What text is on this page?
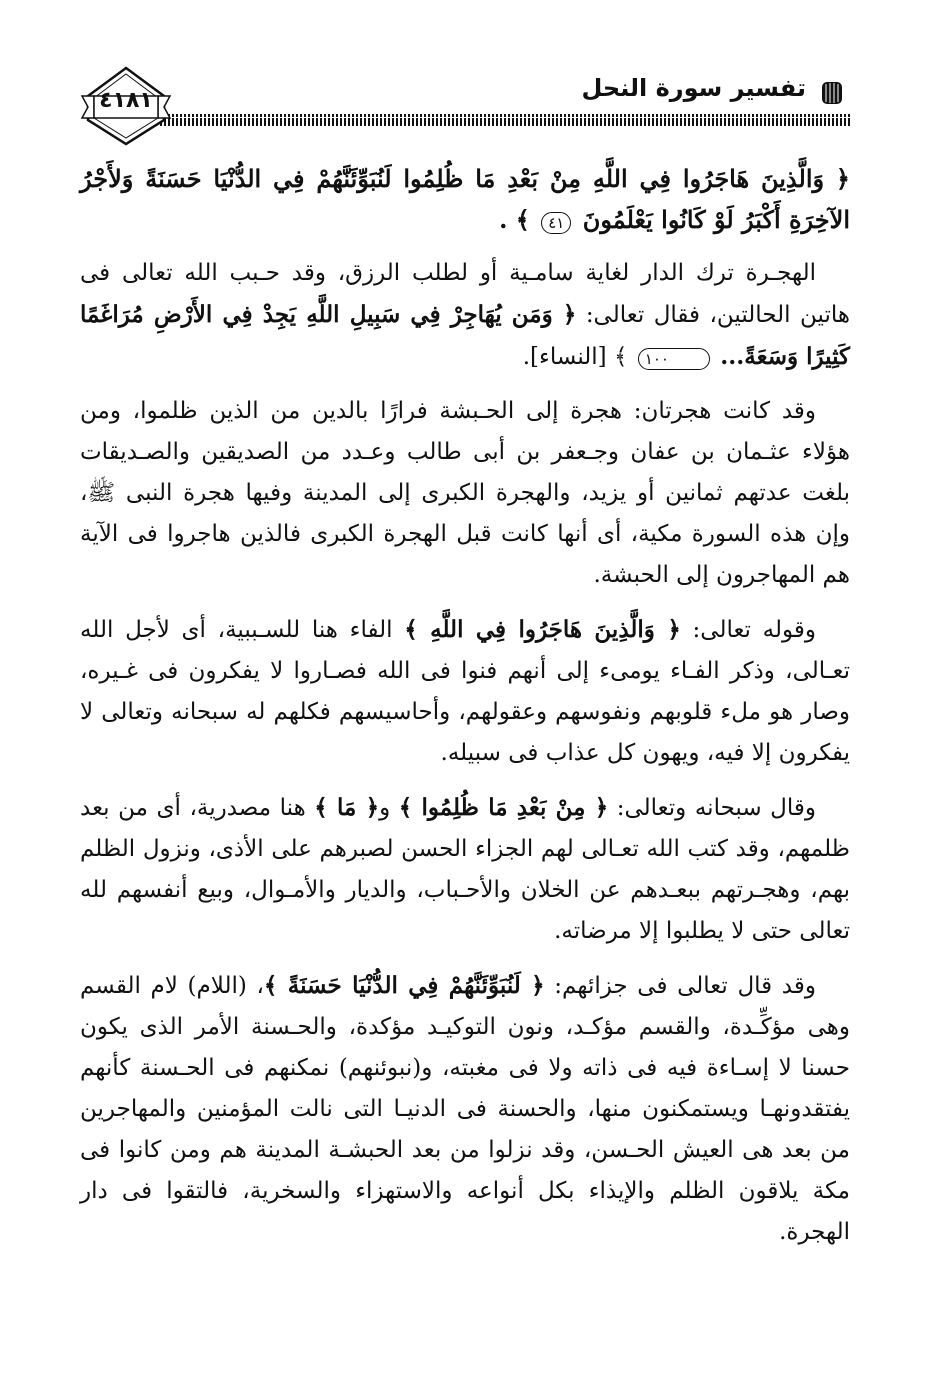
تفسير سورة النحل
٤١٨١

﴿ وَالَّذِينَ هَاجَرُوا فِي اللَّهِ مِنْ بَعْدِ مَا ظُلِمُوا لَنُبَوِّئَنَّهُمْ فِي الدُّنْيَا حَسَنَةً وَلأَجْرُ الآخِرَةِ أَكْبَرُ لَوْ كَانُوا يَعْلَمُونَ ٤١ ﴾ .

الهجـرة ترك الدار لغاية سامـية أو لطلب الرزق، وقد حـبب الله تعالى فى هاتين الحالتين، فقال تعالى: ﴿ وَمَن يُهَاجِرْ فِي سَبِيلِ اللَّهِ يَجِدْ فِي الأَرْضِ مُرَاغَمًا كَثِيرًا وَسَعَةً... ١٠٠ ﴾ [النساء].

وقد كانت هجرتان: هجرة إلى الحـبشة فرارًا بالدين من الذين ظلموا، ومن هؤلاء عثـمان بن عفان وجـعفر بن أبى طالب وعـدد من الصديقين والصـديقات بلغت عدتهم ثمانين أو يزيد، والهجرة الكبرى إلى المدينة وفيها هجرة النبى ﷺ، وإن هذه السورة مكية، أى أنها كانت قبل الهجرة الكبرى فالذين هاجروا فى الآية هم المهاجرون إلى الحبشة.

وقوله تعالى: ﴿ وَالَّذِينَ هَاجَرُوا فِي اللَّهِ ﴾ الفاء هنا للسـببية، أى لأجل الله تعـالى، وذكر الفـاء يومىء إلى أنهم فنوا فى الله فصـاروا لا يفكرون فى غـيره، وصار هو ملء قلوبهم ونفوسهم وعقولهم، وأحاسيسهم فكلهم له سبحانه وتعالى لا يفكرون إلا فيه، ويهون كل عذاب فى سبيله.

وقال سبحانه وتعالى: ﴿ مِنْ بَعْدِ مَا ظُلِمُوا ﴾ و﴿ مَا ﴾ هنا مصدرية، أى من بعد ظلمهم، وقد كتب الله تعـالى لهم الجزاء الحسن لصبرهم على الأذى، ونزول الظلم بهم، وهجـرتهم ببعـدهم عن الخلان والأحـباب، والديار والأمـوال، وبيع أنفسهم لله تعالى حتى لا يطلبوا إلا مرضاته.

وقد قال تعالى فى جزائهم: ﴿ لَنُبَوِّئَنَّهُمْ فِي الدُّنْيَا حَسَنَةً ﴾، (اللام) لام القسم وهى مؤكِّـدة، والقسم مؤكـد، ونون التوكيـد مؤكدة، والحـسنة الأمر الذى يكون حسنا لا إسـاءة فيه فى ذاته ولا فى مغبته، و(نبوئنهم) نمكنهم فى الحـسنة كأنهم يفتقدونهـا ويستمكنون منها، والحسنة فى الدنيـا التى نالت المؤمنين والمهاجرين من بعد هى العيش الحـسن، وقد نزلوا من بعد الحبشـة المدينة هم ومن كانوا فى مكة يلاقون الظلم والإيذاء بكل أنواعه والاستهزاء والسخرية، فالتقوا فى دار الهجرة.
